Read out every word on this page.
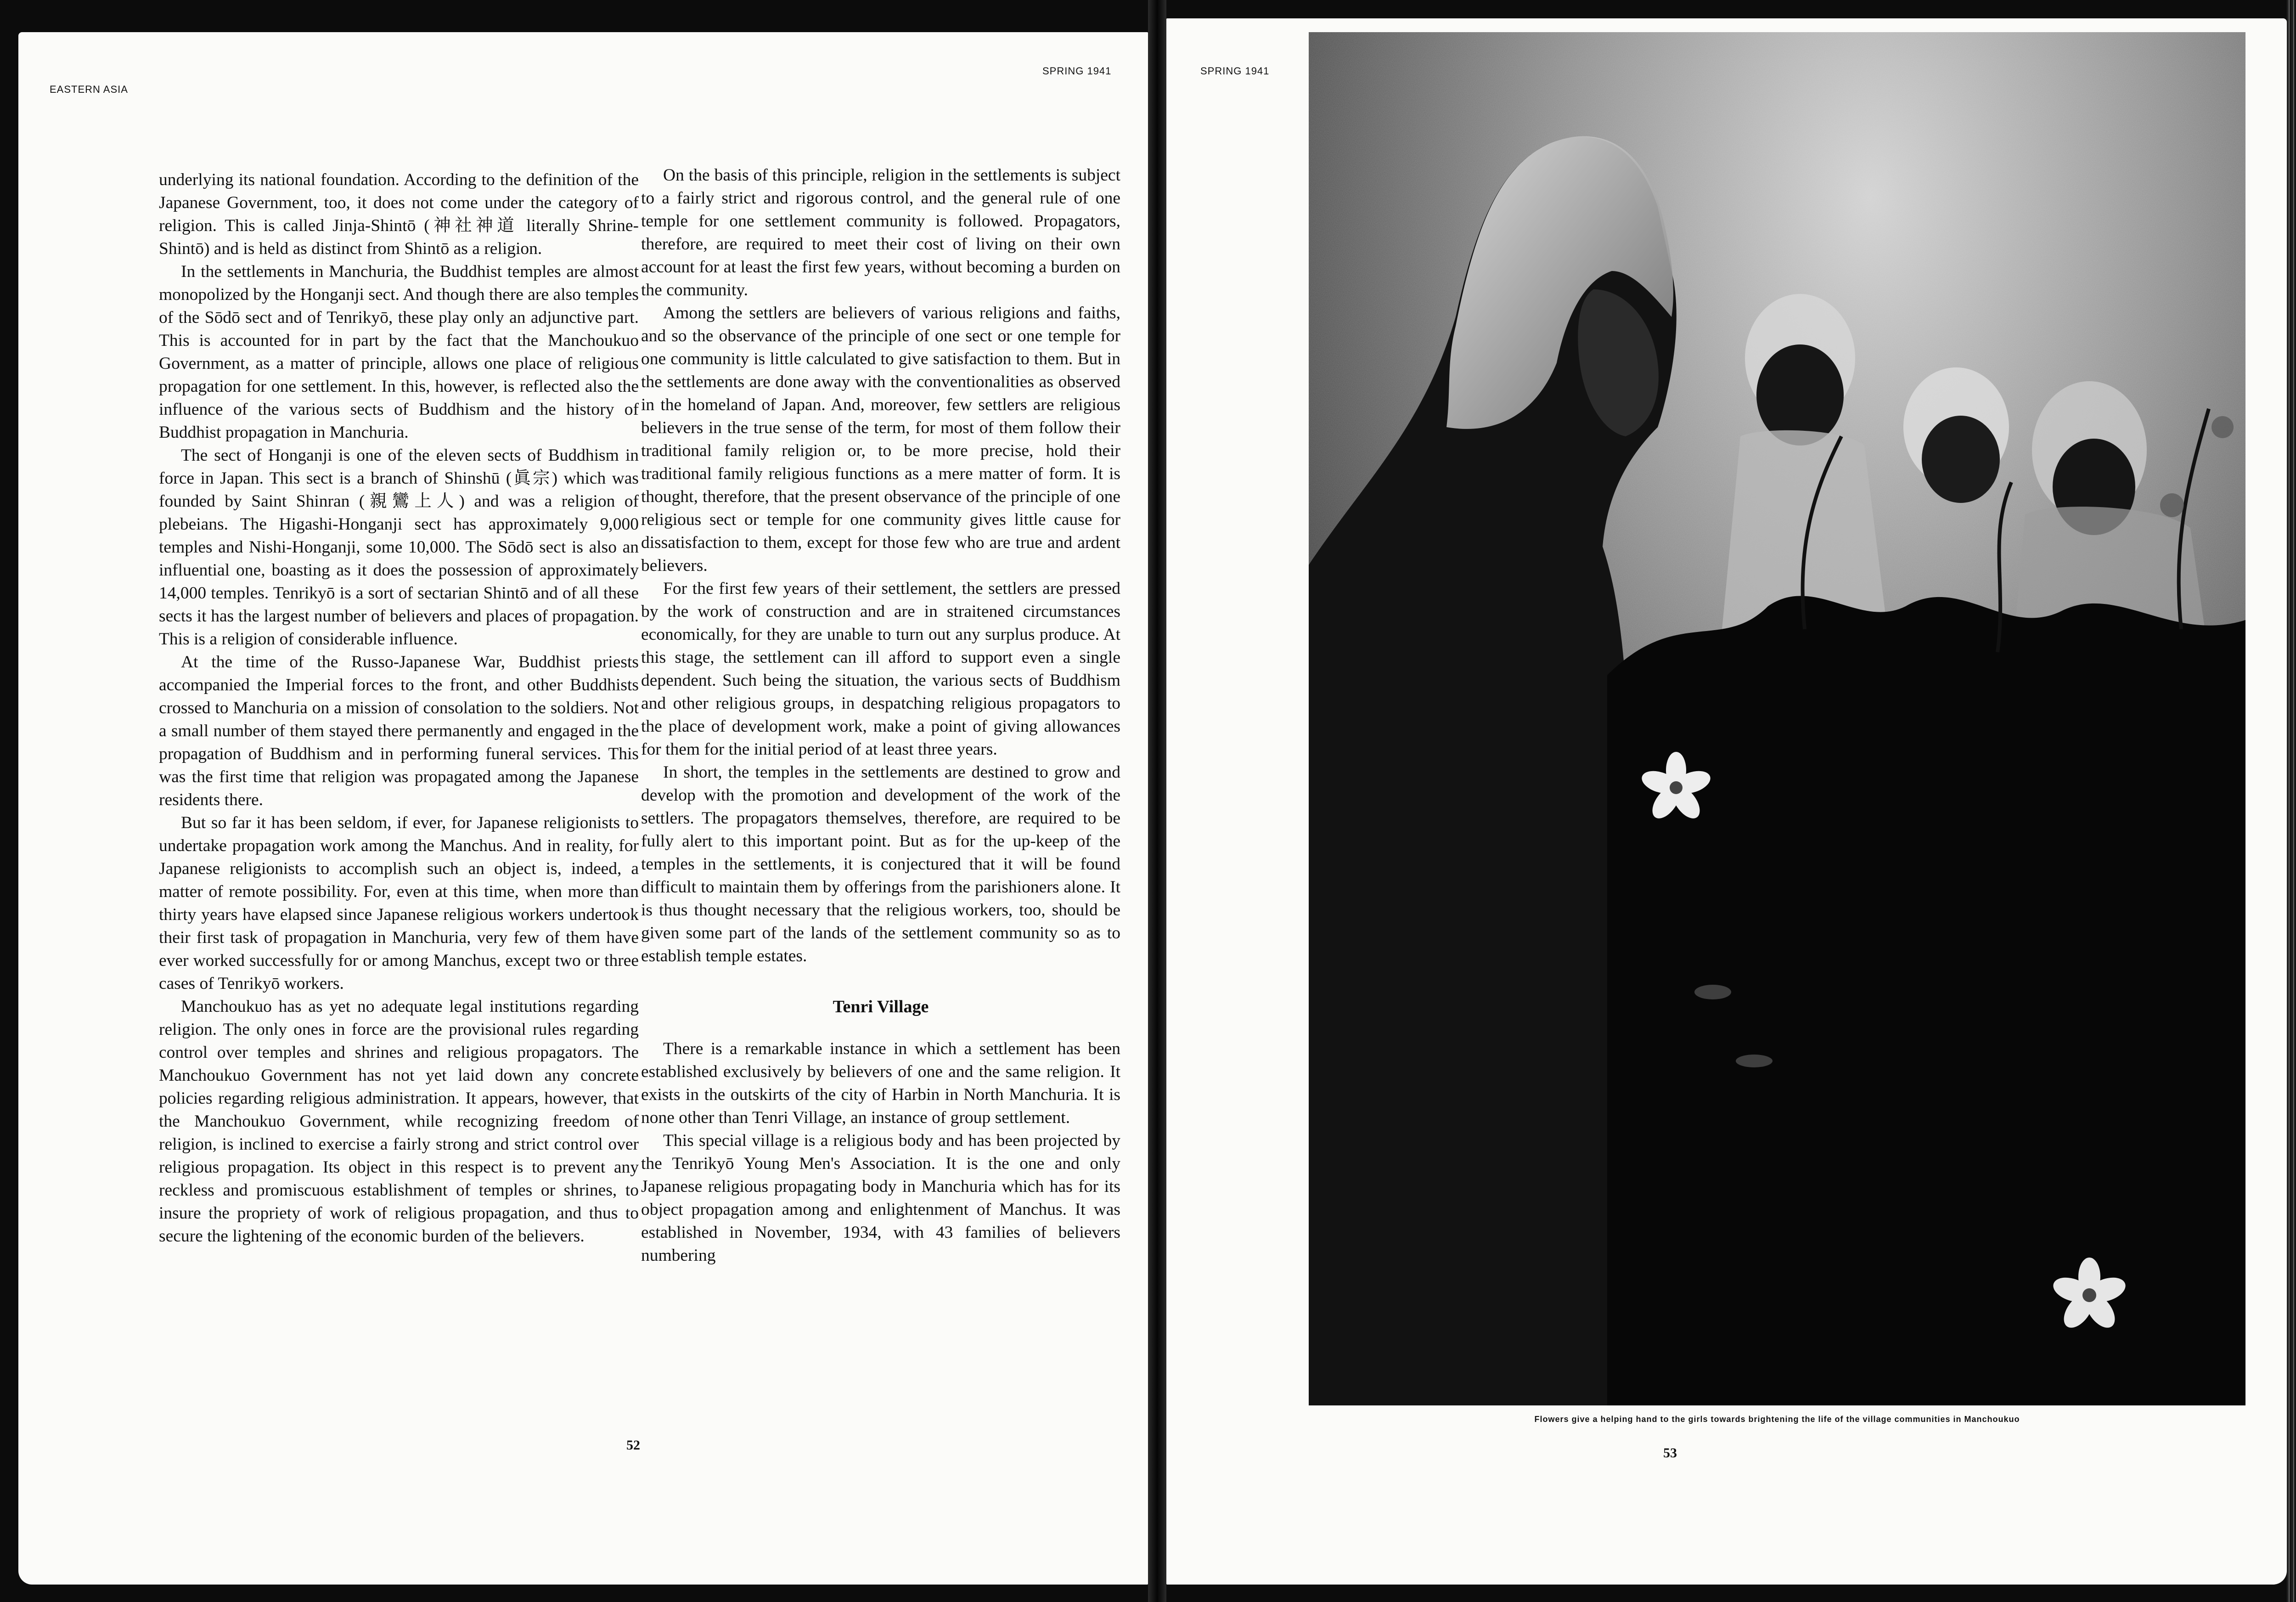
EASTERN ASIA
SPRING 1941

underlying its national foundation. According to the definition of the Japanese Government, too, it does not come under the category of religion. This is called Jinja-Shintō (神社神道 literally Shrine-Shintō) and is held as distinct from Shintō as a religion.

In the settlements in Manchuria, the Buddhist temples are almost monopolized by the Honganji sect. And though there are also temples of the Sōdō sect and of Tenrikyō, these play only an adjunctive part. This is accounted for in part by the fact that the Manchoukuo Government, as a matter of principle, allows one place of religious propagation for one settlement. In this, however, is reflected also the influence of the various sects of Buddhism and the history of Buddhist propagation in Manchuria.

The sect of Honganji is one of the eleven sects of Buddhism in force in Japan. This sect is a branch of Shinshū (眞宗) which was founded by Saint Shinran (親鸞上人) and was a religion of plebeians. The Higashi-Honganji sect has approximately 9,000 temples and Nishi-Honganji, some 10,000. The Sōdō sect is also an influential one, boasting as it does the possession of approximately 14,000 temples. Tenrikyō is a sort of sectarian Shintō and of all these sects it has the largest number of believers and places of propagation. This is a religion of considerable influence.

At the time of the Russo-Japanese War, Buddhist priests accompanied the Imperial forces to the front, and other Buddhists crossed to Manchuria on a mission of consolation to the soldiers. Not a small number of them stayed there permanently and engaged in the propagation of Buddhism and in performing funeral services. This was the first time that religion was propagated among the Japanese residents there.

But so far it has been seldom, if ever, for Japanese religionists to undertake propagation work among the Manchus. And in reality, for Japanese religionists to accomplish such an object is, indeed, a matter of remote possibility. For, even at this time, when more than thirty years have elapsed since Japanese religious workers undertook their first task of propagation in Manchuria, very few of them have ever worked successfully for or among Manchus, except two or three cases of Tenrikyō workers.

Manchoukuo has as yet no adequate legal institutions regarding religion. The only ones in force are the provisional rules regarding control over temples and shrines and religious propagators. The Manchoukuo Government has not yet laid down any concrete policies regarding religious administration. It appears, however, that the Manchoukuo Government, while recognizing freedom of religion, is inclined to exercise a fairly strong and strict control over religious propagation. Its object in this respect is to prevent any reckless and promiscuous establishment of temples or shrines, to insure the propriety of work of religious propagation, and thus to secure the lightening of the economic burden of the believers.

On the basis of this principle, religion in the settlements is subject to a fairly strict and rigorous control, and the general rule of one temple for one settlement community is followed. Propagators, therefore, are required to meet their cost of living on their own account for at least the first few years, without becoming a burden on the community.

Among the settlers are believers of various religions and faiths, and so the observance of the principle of one sect or one temple for one community is little calculated to give satisfaction to them. But in the settlements are done away with the conventionalities as observed in the homeland of Japan. And, moreover, few settlers are religious believers in the true sense of the term, for most of them follow their traditional family religion or, to be more precise, hold their traditional family religious functions as a mere matter of form. It is thought, therefore, that the present observance of the principle of one religious sect or temple for one community gives little cause for dissatisfaction to them, except for those few who are true and ardent believers.

For the first few years of their settlement, the settlers are pressed by the work of construction and are in straitened circumstances economically, for they are unable to turn out any surplus produce. At this stage, the settlement can ill afford to support even a single dependent. Such being the situation, the various sects of Buddhism and other religious groups, in despatching religious propagators to the place of development work, make a point of giving allowances for them for the initial period of at least three years.

In short, the temples in the settlements are destined to grow and develop with the promotion and development of the work of the settlers. The propagators themselves, therefore, are required to be fully alert to this important point. But as for the up-keep of the temples in the settlements, it is conjectured that it will be found difficult to maintain them by offerings from the parishioners alone. It is thus thought necessary that the religious workers, too, should be given some part of the lands of the settlement community so as to establish temple estates.

Tenri Village

There is a remarkable instance in which a settlement has been established exclusively by believers of one and the same religion. It exists in the outskirts of the city of Harbin in North Manchuria. It is none other than Tenri Village, an instance of group settlement.

This special village is a religious body and has been projected by the Tenrikyō Young Men's Association. It is the one and only Japanese religious propagating body in Manchuria which has for its object propagation among and enlightenment of Manchus. It was established in November, 1934, with 43 families of believers numbering

52
SPRING 1941
Flowers give a helping hand to the girls towards brightening the life of the village communities in Manchoukuo
53
